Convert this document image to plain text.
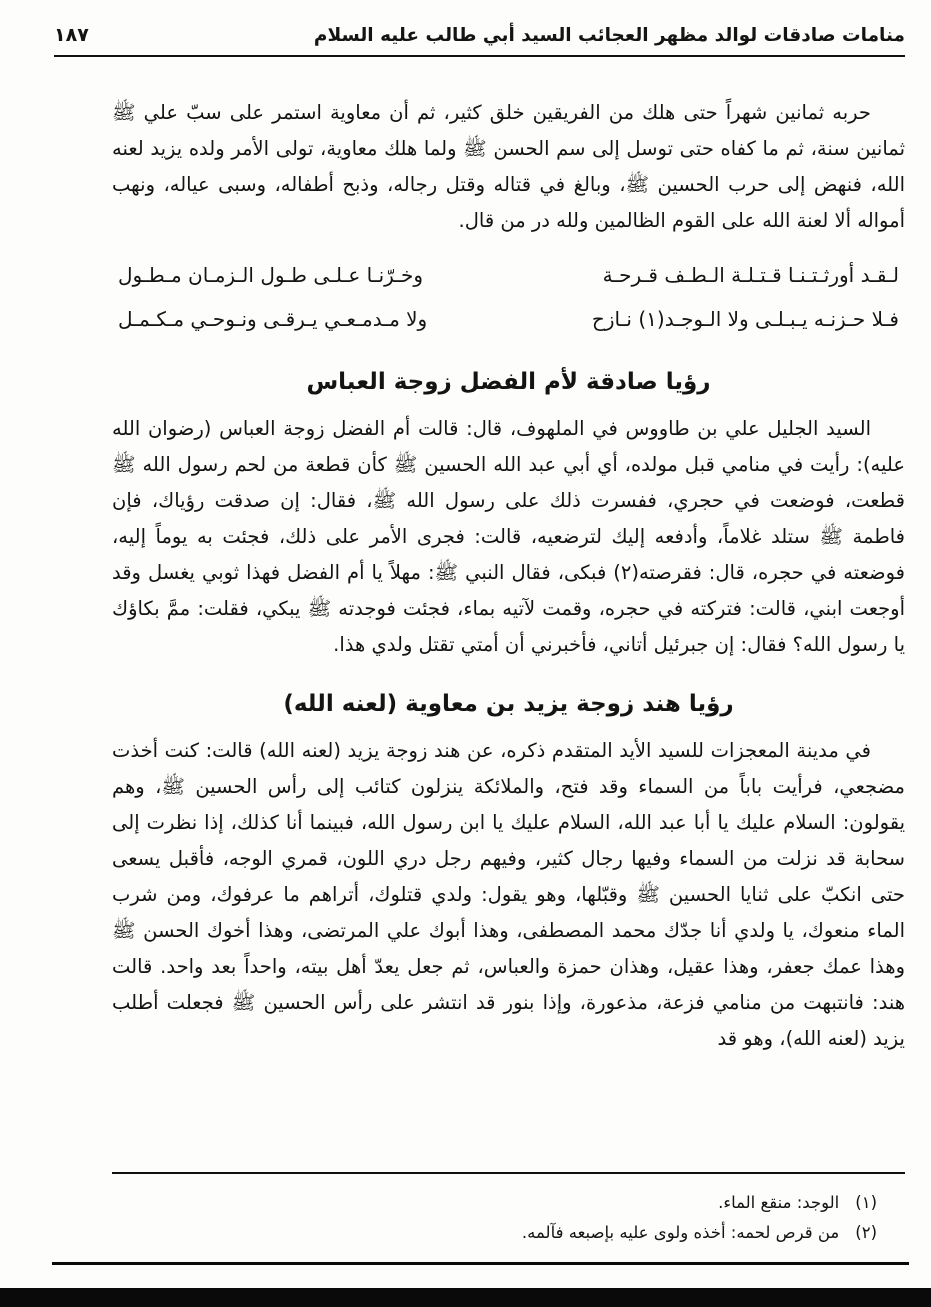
منامات صادقات لوالد مظهر العجائب السيد أبي طالب عليه السلام
١٨٧

حربه ثمانين شهراً حتى هلك من الفريقين خلق كثير، ثم أن معاوية استمر على سبّ علي ﷺ ثمانين سنة، ثم ما كفاه حتى توسل إلى سم الحسن ﷺ ولما هلك معاوية، تولى الأمر ولده يزيد لعنه الله، فنهض إلى حرب الحسين ﷺ، وبالغ في قتاله وقتل رجاله، وذبح أطفاله، وسبى عياله، ونهب أمواله ألا لعنة الله على القوم الظالمين ولله در من قال.

لـقـد أورثـتـنـا قـتـلـة الـطـف قـرحـة
وخـرّنـا عـلـى طـول الـزمـان مـطـول
فـلا حـزنـه يـبـلـى ولا الـوجـد(١) نـازح
ولا مـدمـعـي يـرقـى ونـوحـي مـكـمـل
رؤيا صادقة لأم الفضل زوجة العباس

السيد الجليل علي بن طاووس في الملهوف، قال: قالت أم الفضل زوجة العباس (رضوان الله عليه): رأيت في منامي قبل مولده، أي أبي عبد الله الحسين ﷺ كأن قطعة من لحم رسول الله ﷺ قطعت، فوضعت في حجري، ففسرت ذلك على رسول الله ﷺ، فقال: إن صدقت رؤياك، فإن فاطمة ﷺ ستلد غلاماً، وأدفعه إليك لترضعيه، قالت: فجرى الأمر على ذلك، فجئت به يوماً إليه، فوضعته في حجره، قال: فقرصته(٢) فبكى، فقال النبي ﷺ: مهلاً يا أم الفضل فهذا ثوبي يغسل وقد أوجعت ابني، قالت: فتركته في حجره، وقمت لآتيه بماء، فجئت فوجدته ﷺ يبكي، فقلت: ممَّ بكاؤك يا رسول الله؟ فقال: إن جبرئيل أتاني، فأخبرني أن أمتي تقتل ولدي هذا.

رؤيا هند زوجة يزيد بن معاوية (لعنه الله)

في مدينة المعجزات للسيد الأيد المتقدم ذكره، عن هند زوجة يزيد (لعنه الله) قالت: كنت أخذت مضجعي، فرأيت باباً من السماء وقد فتح، والملائكة ينزلون كتائب إلى رأس الحسين ﷺ، وهم يقولون: السلام عليك يا أبا عبد الله، السلام عليك يا ابن رسول الله، فبينما أنا كذلك، إذا نظرت إلى سحابة قد نزلت من السماء وفيها رجال كثير، وفيهم رجل دري اللون، قمري الوجه، فأقبل يسعى حتى انكبّ على ثنايا الحسين ﷺ وقبّلها، وهو يقول: ولدي قتلوك، أتراهم ما عرفوك، ومن شرب الماء منعوك، يا ولدي أنا جدّك محمد المصطفى، وهذا أبوك علي المرتضى، وهذا أخوك الحسن ﷺ وهذا عمك جعفر، وهذا عقيل، وهذان حمزة والعباس، ثم جعل يعدّ أهل بيته، واحداً بعد واحد. قالت هند: فانتبهت من منامي فزعة، مذعورة، وإذا بنور قد انتشر على رأس الحسين ﷺ فجعلت أطلب يزيد (لعنه الله)، وهو قد

(١)
الوجد: منقع الماء.
(٢)
من قرص لحمه: أخذه ولوى عليه بإصبعه فآلمه.
